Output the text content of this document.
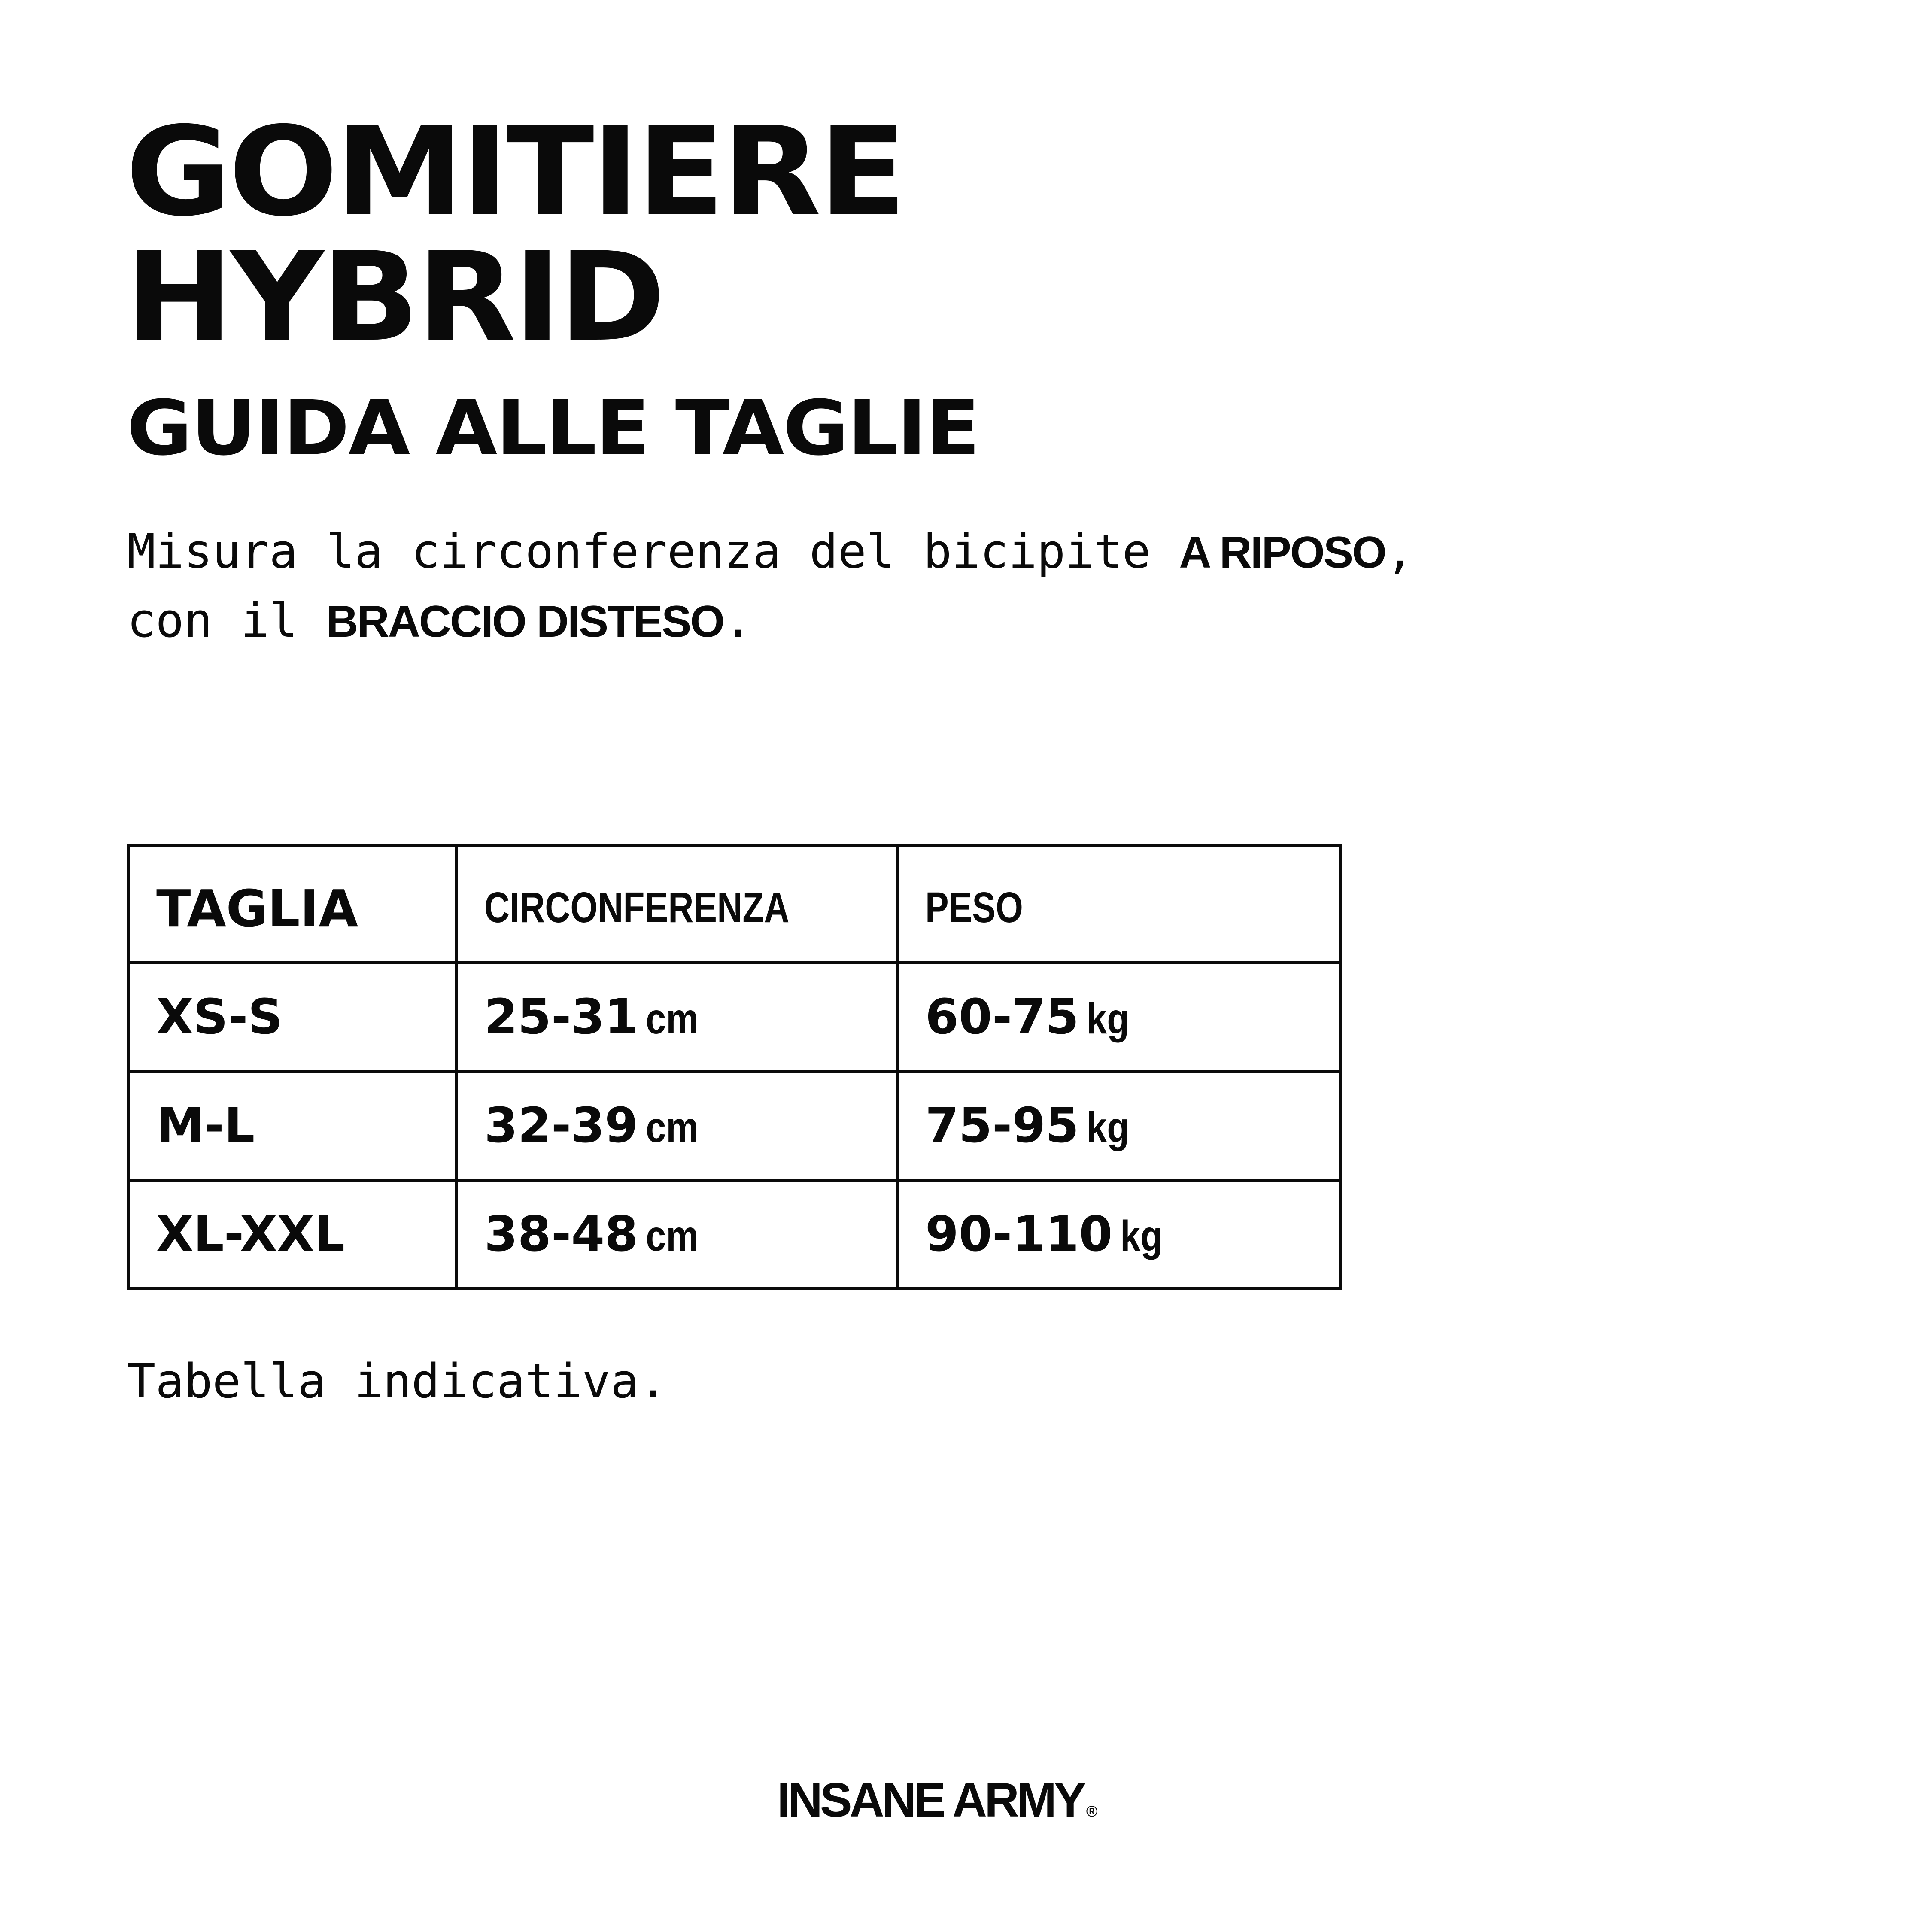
GOMITIERE
HYBRID
GUIDA ALLE TAGLIE
Misura la circonferenza del bicipite A RIPOSO,
con il BRACCIO DISTESO.
TAGLIA	CIRCONFERENZA	PESO
XS-S	25-31 cm	60-75 kg
M-L	32-39 cm	75-95 kg
XL-XXL	38-48 cm	90-110 kg

Tabella indicativa.

INSANE ARMY ®
